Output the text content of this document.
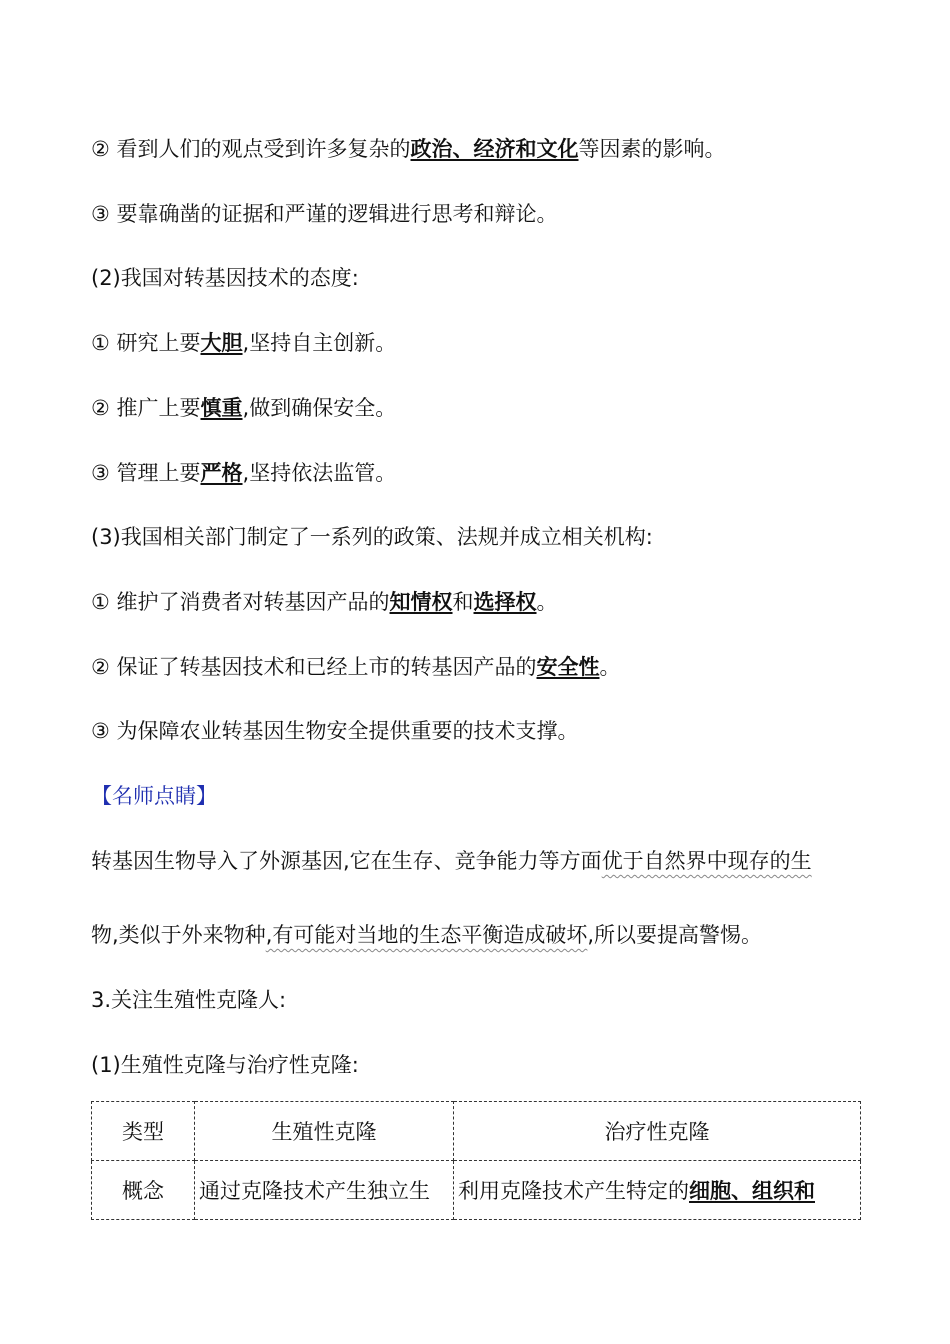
② 看到人们的观点受到许多复杂的政治、经济和文化等因素的影响。
③ 要靠确凿的证据和严谨的逻辑进行思考和辩论。
(2)我国对转基因技术的态度:
① 研究上要大胆,坚持自主创新。
② 推广上要慎重,做到确保安全。
③ 管理上要严格,坚持依法监管。
(3)我国相关部门制定了一系列的政策、法规并成立相关机构:
① 维护了消费者对转基因产品的知情权和选择权。
② 保证了转基因技术和已经上市的转基因产品的安全性。
③ 为保障农业转基因生物安全提供重要的技术支撑。
【名师点睛】
转基因生物导入了外源基因,它在生存、竞争能力等方面优于自然界中现存的生
物,类似于外来物种,有可能对当地的生态平衡造成破坏,所以要提高警惕。
3.关注生殖性克隆人:
(1)生殖性克隆与治疗性克隆:
类型	生殖性克隆	治疗性克隆
概念	通过克隆技术产生独立生	利用克隆技术产生特定的细胞、组织和
